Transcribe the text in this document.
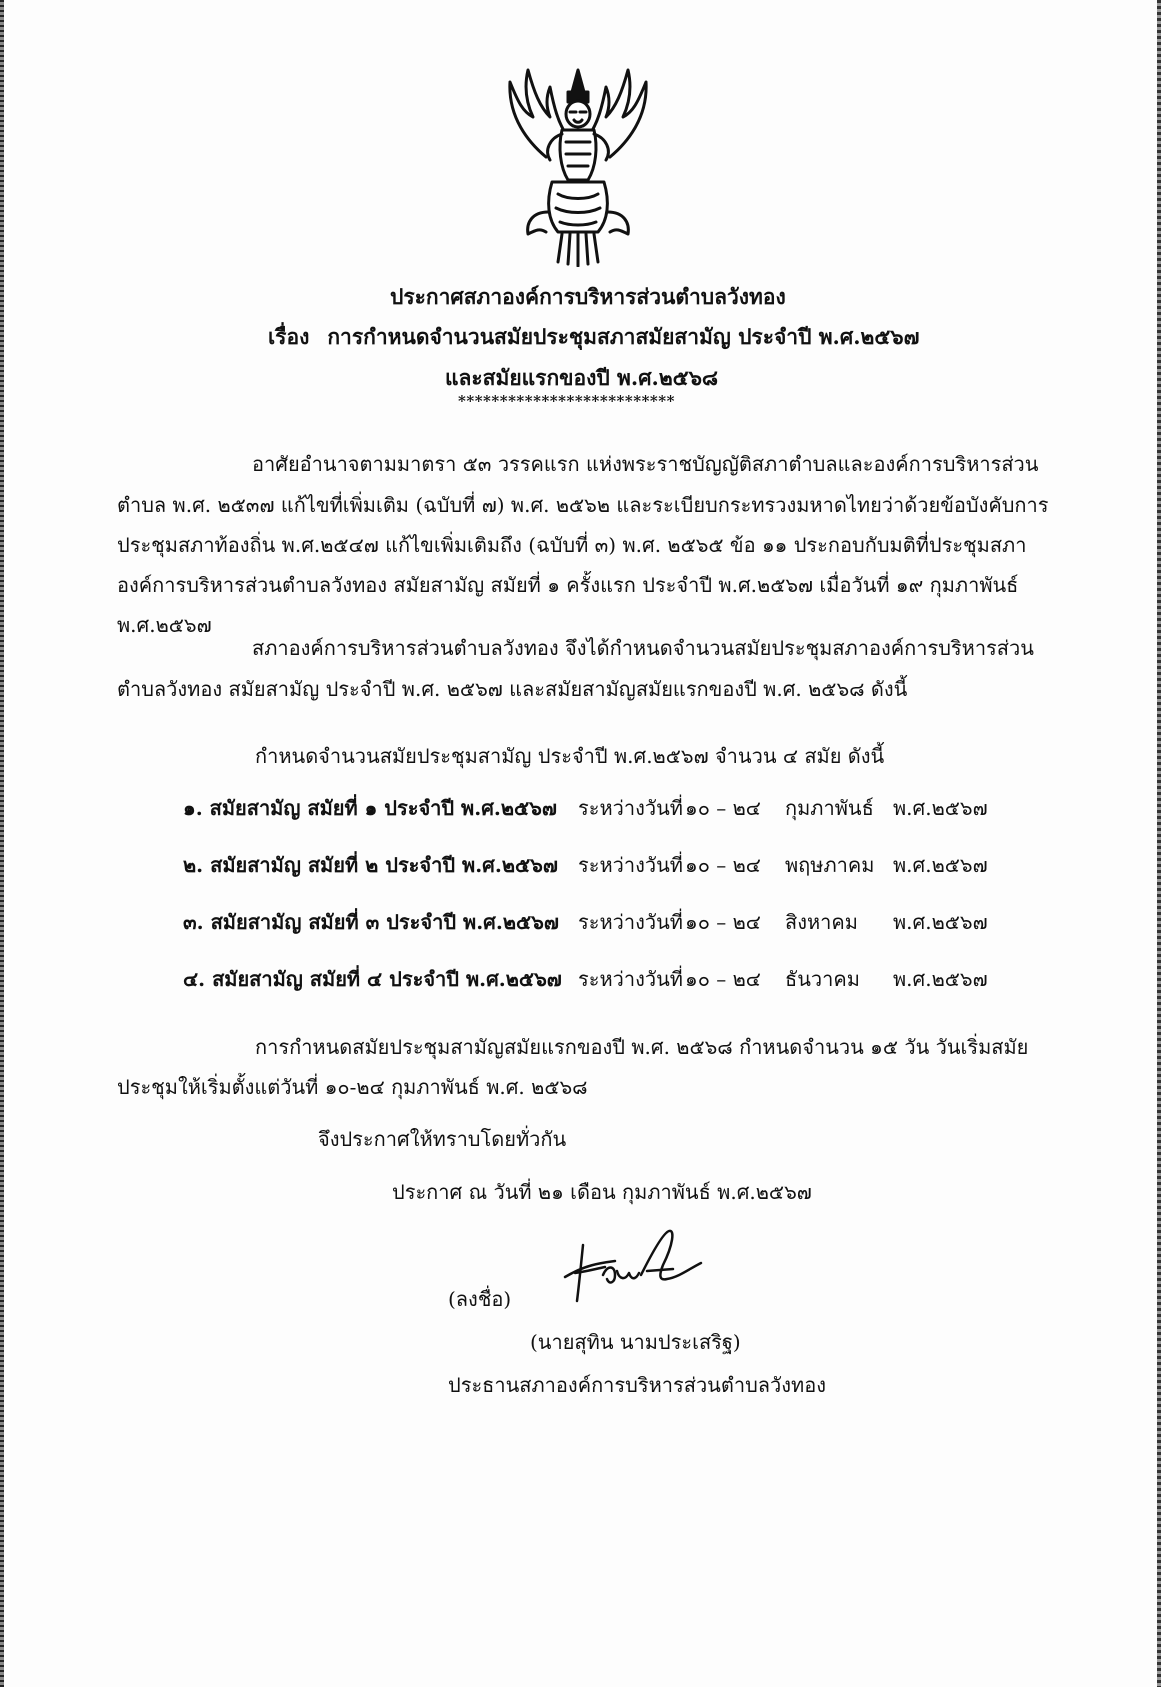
ประกาศสภาองค์การบริหารส่วนตำบลวังทอง
เรื่อง การกำหนดจำนวนสมัยประชุมสภาสมัยสามัญ ประจำปี พ.ศ.๒๕๖๗
และสมัยแรกของปี พ.ศ.๒๕๖๘
**************************
อาศัยอำนาจตามมาตรา ๕๓ วรรคแรก แห่งพระราชบัญญัติสภาตำบลและองค์การบริหารส่วน
ตำบล พ.ศ. ๒๕๓๗ แก้ไขที่เพิ่มเติม (ฉบับที่ ๗) พ.ศ. ๒๕๖๒ และระเบียบกระทรวงมหาดไทยว่าด้วยข้อบังคับการ
ประชุมสภาท้องถิ่น พ.ศ.๒๕๔๗ แก้ไขเพิ่มเติมถึง (ฉบับที่ ๓) พ.ศ. ๒๕๖๕ ข้อ ๑๑ ประกอบกับมติที่ประชุมสภา
องค์การบริหารส่วนตำบลวังทอง สมัยสามัญ สมัยที่ ๑ ครั้งแรก ประจำปี พ.ศ.๒๕๖๗ เมื่อวันที่ ๑๙ กุมภาพันธ์
พ.ศ.๒๕๖๗
สภาองค์การบริหารส่วนตำบลวังทอง จึงได้กำหนดจำนวนสมัยประชุมสภาองค์การบริหารส่วน
ตำบลวังทอง สมัยสามัญ ประจำปี พ.ศ. ๒๕๖๗ และสมัยสามัญสมัยแรกของปี พ.ศ. ๒๕๖๘ ดังนี้
กำหนดจำนวนสมัยประชุมสามัญ ประจำปี พ.ศ.๒๕๖๗ จำนวน ๔ สมัย ดังนี้
๑. สมัยสามัญ สมัยที่ ๑ ประจำปี พ.ศ.๒๕๖๗ ระหว่างวันที่ ๑๐ – ๒๔ กุมภาพันธ์ พ.ศ.๒๕๖๗
๒. สมัยสามัญ สมัยที่ ๒ ประจำปี พ.ศ.๒๕๖๗ ระหว่างวันที่ ๑๐ – ๒๔ พฤษภาคม พ.ศ.๒๕๖๗
๓. สมัยสามัญ สมัยที่ ๓ ประจำปี พ.ศ.๒๕๖๗ ระหว่างวันที่ ๑๐ – ๒๔ สิงหาคม พ.ศ.๒๕๖๗
๔. สมัยสามัญ สมัยที่ ๔ ประจำปี พ.ศ.๒๕๖๗ ระหว่างวันที่ ๑๐ – ๒๔ ธันวาคม พ.ศ.๒๕๖๗
การกำหนดสมัยประชุมสามัญสมัยแรกของปี พ.ศ. ๒๕๖๘ กำหนดจำนวน ๑๕ วัน วันเริ่มสมัย
ประชุมให้เริ่มตั้งแต่วันที่ ๑๐-๒๔ กุมภาพันธ์ พ.ศ. ๒๕๖๘
จึงประกาศให้ทราบโดยทั่วกัน
ประกาศ ณ วันที่ ๒๑ เดือน กุมภาพันธ์ พ.ศ.๒๕๖๗
(ลงชื่อ)
(นายสุทิน นามประเสริฐ)
ประธานสภาองค์การบริหารส่วนตำบลวังทอง
